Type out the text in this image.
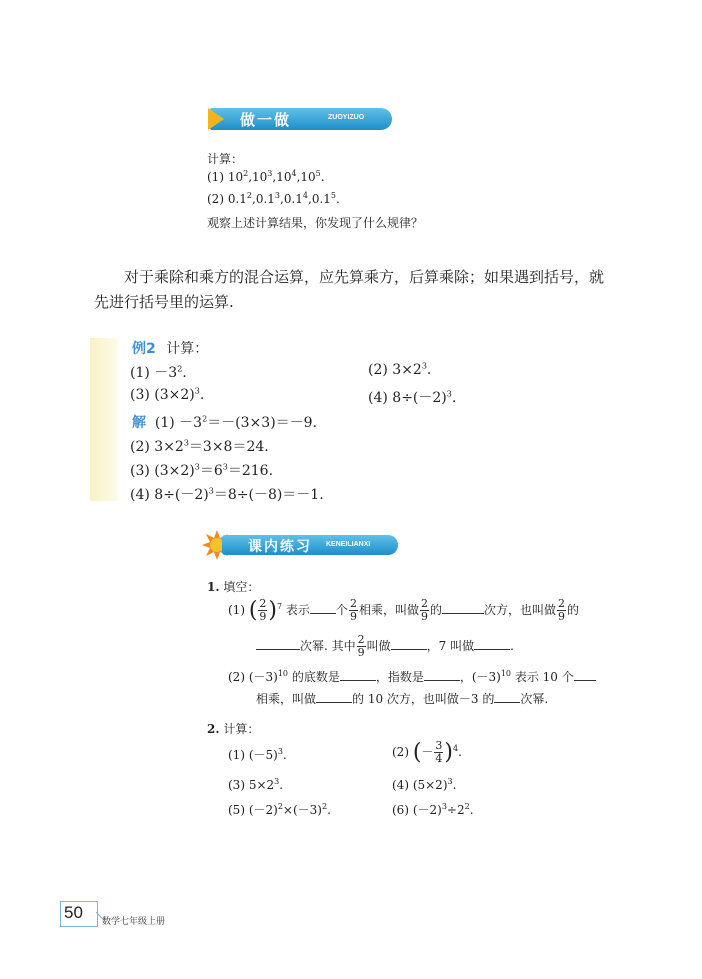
做一做	ZUOYIZUO
计算：
(1) $10^2,10^3,10^4,10^5$.
(2) $0.1^2,0.1^3,0.1^4,0.1^5$.
观察上述计算结果，你发现了什么规律？
对于乘除和乘方的混合运算，应先算乘方，后算乘除；如果遇到括号，就
先进行括号里的运算.
例2 计算：
$(1) -3^2$.	(2) $3\times 2^3$.
(3) $(3\times 2)^3$.	(4) $8\div(-2)^3$.
解  $(1) -3^2=-(3\times 3)=-9$.
(2) $3\times 2^3=3\times 8=24$.
(3) $(3\times 2)^3=6^3=216$.
(4) $8\div(-2)^3=8\div(-8)=-1$.
课内练习 KENEILIANXI
1. 填空：
(1) ( $\frac{2}{9} )^7$ 表示 个 $\frac{2}{9}$ 相乘，叫做 $\frac{2}{9}$ 的	次方，也叫做 $\frac{2}{9}$ 的
次幂. 其中 $\frac{2}{9}$ 叫做	，7 叫做	.
(2) $(-3)^{10}$ 的底数是	，指数是	，$(-3)^{10}$ 表示 10 个
相乘，叫做	的 10 次方，也叫做－3 的 次幂.
2. 计算：
(1) $(-5)^3$.	(2) (－ $\frac{3}{4} )^4$.
(3) $5\times 2^3$.	(4) $(5\times 2)^3$.
(5) $(-2)^2\times(-3)^2$.	(6) $(-2)^3\div 2^2$.
50 数学七年级上册
